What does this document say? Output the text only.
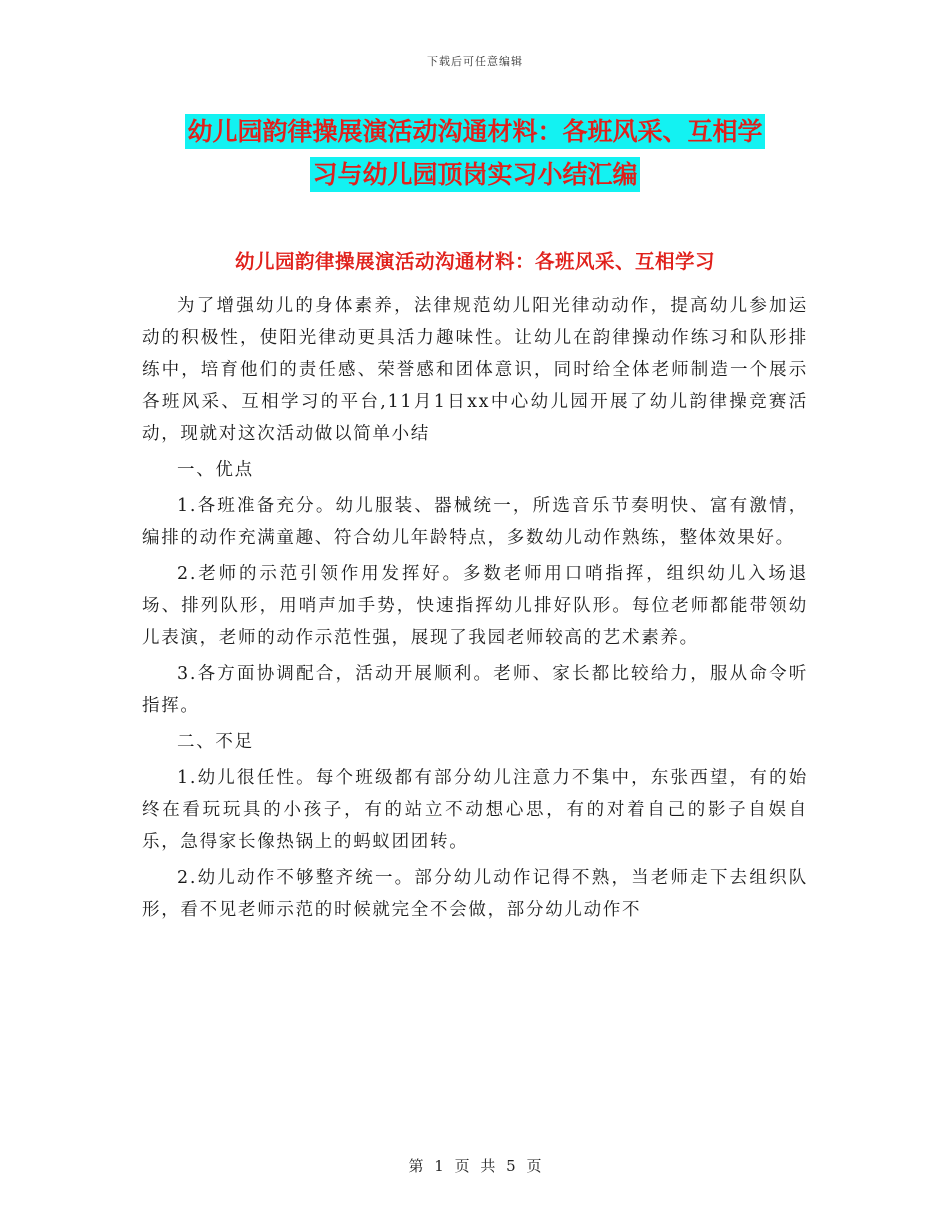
下载后可任意编辑
幼儿园韵律操展演活动沟通材料：各班风采、互相学
习与幼儿园顶岗实习小结汇编
幼儿园韵律操展演活动沟通材料：各班风采、互相学习

为了增强幼儿的身体素养，法律规范幼儿阳光律动动作，提高幼儿参加运动的积极性，使阳光律动更具活力趣味性。让幼儿在韵律操动作练习和队形排练中，培育他们的责任感、荣誉感和团体意识，同时给全体老师制造一个展示各班风采、互相学习的平台,11月1日xx中心幼儿园开展了幼儿韵律操竞赛活动，现就对这次活动做以简单小结

一、优点

1.各班准备充分。幼儿服装、器械统一，所选音乐节奏明快、富有激情，编排的动作充满童趣、符合幼儿年龄特点，多数幼儿动作熟练，整体效果好。

2.老师的示范引领作用发挥好。多数老师用口哨指挥，组织幼儿入场退场、排列队形，用哨声加手势，快速指挥幼儿排好队形。每位老师都能带领幼儿表演，老师的动作示范性强，展现了我园老师较高的艺术素养。

3.各方面协调配合，活动开展顺利。老师、家长都比较给力，服从命令听指挥。

二、不足

1.幼儿很任性。每个班级都有部分幼儿注意力不集中，东张西望，有的始终在看玩玩具的小孩子，有的站立不动想心思，有的对着自己的影子自娱自乐，急得家长像热锅上的蚂蚁团团转。

2.幼儿动作不够整齐统一。部分幼儿动作记得不熟，当老师走下去组织队形，看不见老师示范的时候就完全不会做，部分幼儿动作不

第 1 页 共 5 页
